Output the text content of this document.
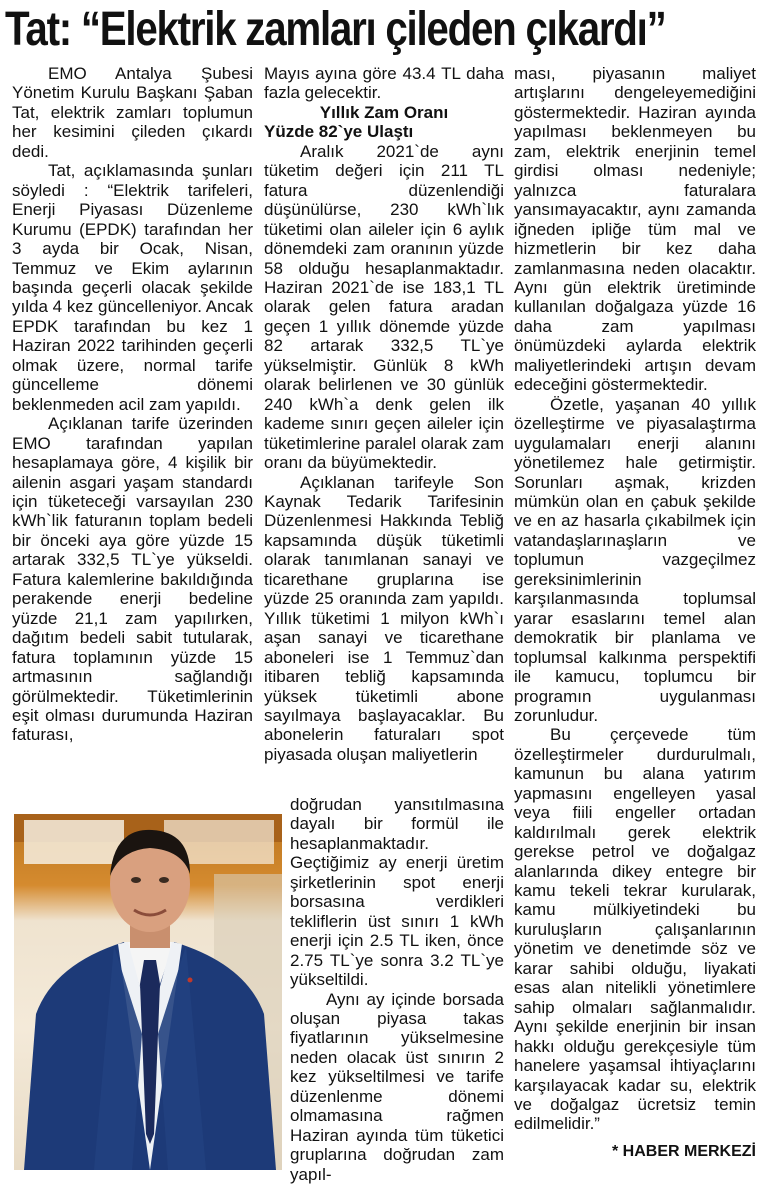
Tat: “Elektrik zamları çileden çıkardı”

EMO Antalya Şubesi Yönetim Kurulu Başkanı Şaban Tat, elektrik zamları toplumun her kesimini çileden çıkardı dedi.

Tat, açıklamasında şunları söyledi : “Elektrik tarifeleri, Enerji Piyasası Düzenleme Kurumu (EPDK) tarafından her 3 ayda bir Ocak, Nisan, Temmuz ve Ekim aylarının başında geçerli olacak şekilde yılda 4 kez güncelleniyor. Ancak EPDK tarafından bu kez 1 Haziran 2022 tarihinden geçerli olmak üzere, normal tarife güncelleme dönemi beklenmeden acil zam yapıldı.

Açıklanan tarife üzerinden EMO tarafından yapılan hesaplamaya göre, 4 kişilik bir ailenin asgari yaşam standardı için tüketeceği varsayılan 230 kWh`lik faturanın toplam bedeli bir önceki aya göre yüzde 15 artarak 332,5 TL`ye yükseldi. Fatura kalemlerine bakıldığında perakende enerji bedeline yüzde 21,1 zam yapılırken, dağıtım bedeli sabit tutularak, fatura toplamının yüzde 15 artmasının sağlandığı görülmektedir. Tüketimlerinin eşit olması durumunda Haziran faturası,

Mayıs ayına göre 43.4 TL daha fazla gelecektir.

Yıllık Zam Oranı

Yüzde 82`ye Ulaştı

Aralık 2021`de aynı tüketim değeri için 211 TL fatura düzenlendiği düşünülürse, 230 kWh`lık tüketimi olan aileler için 6 aylık dönemdeki zam oranının yüzde 58 olduğu hesaplanmaktadır. Haziran 2021`de ise 183,1 TL olarak gelen fatura aradan geçen 1 yıllık dönemde yüzde 82 artarak 332,5 TL`ye yükselmiştir. Günlük 8 kWh olarak belirlenen ve 30 günlük 240 kWh`a denk gelen ilk kademe sınırı geçen aileler için tüketimlerine paralel olarak zam oranı da büyümektedir.

Açıklanan tarifeyle Son Kaynak Tedarik Tarifesinin Düzenlenmesi Hakkında Tebliğ kapsamında düşük tüketimli olarak tanımlanan sanayi ve ticarethane gruplarına ise yüzde 25 oranında zam yapıldı. Yıllık tüketimi 1 milyon kWh`ı aşan sanayi ve ticarethane aboneleri ise 1 Temmuz`dan itibaren tebliğ kapsamında yüksek tüketimli abone sayılmaya başlayacaklar. Bu abonelerin faturaları spot piyasada oluşan maliyetlerin

doğrudan yansıtılmasına dayalı bir formül ile hesaplanmaktadır. Geçtiğimiz ay enerji üretim şirketlerinin spot enerji borsasına verdikleri tekliflerin üst sınırı 1 kWh enerji için 2.5 TL iken, önce 2.75 TL`ye sonra 3.2 TL`ye yükseltildi.

Aynı ay içinde borsada oluşan piyasa takas fiyatlarının yükselmesine neden olacak üst sınırın 2 kez yükseltilmesi ve tarife düzenlenme dönemi olmamasına rağmen Haziran ayında tüm tüketici gruplarına doğrudan zam yapıl-

ması, piyasanın maliyet artışlarını dengeleyemediğini göstermektedir. Haziran ayında yapılması beklenmeyen bu zam, elektrik enerjinin temel girdisi olması nedeniyle; yalnızca faturalara yansımayacaktır, aynı zamanda iğneden ipliğe tüm mal ve hizmetlerin bir kez daha zamlanmasına neden olacaktır. Aynı gün elektrik üretiminde kullanılan doğalgaza yüzde 16 daha zam yapılması önümüzdeki aylarda elektrik maliyetlerindeki artışın devam edeceğini göstermektedir.

Özetle, yaşanan 40 yıllık özelleştirme ve piyasalaştırma uygulamaları enerji alanını yönetilemez hale getirmiştir. Sorunları aşmak, krizden mümkün olan en çabuk şekilde ve en az hasarla çıkabilmek için vatandaşlarınaşların ve toplumun vazgeçilmez gereksinimlerinin karşılanmasında toplumsal yarar esaslarını temel alan demokratik bir planlama ve toplumsal kalkınma perspektifi ile kamucu, toplumcu bir programın uygulanması zorunludur.

Bu çerçevede tüm özelleştirmeler durdurulmalı, kamunun bu alana yatırım yapmasını engelleyen yasal veya fiili engeller ortadan kaldırılmalı gerek elektrik gerekse petrol ve doğalgaz alanlarında dikey entegre bir kamu tekeli tekrar kurularak, kamu mülkiyetindeki bu kuruluşların çalışanlarının yönetim ve denetimde söz ve karar sahibi olduğu, liyakati esas alan nitelikli yönetimlere sahip olmaları sağlanmalıdır. Aynı şekilde enerjinin bir insan hakkı olduğu gerekçesiyle tüm hanelere yaşamsal ihtiyaçlarını karşılayacak kadar su, elektrik ve doğalgaz ücretsiz temin edilmelidir.”

* HABER MERKEZİ
